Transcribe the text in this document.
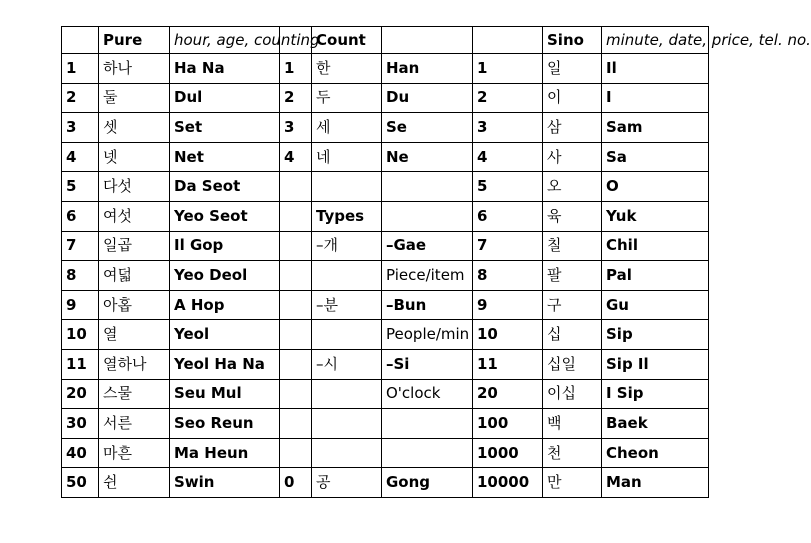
	Pure	hour, age, counting		Count			Sino	minute, date, price, tel. no.
1	하나	Ha Na	1	한	Han	1	일	Il
2	둘	Dul	2	두	Du	2	이	I
3	셋	Set	3	세	Se	3	삼	Sam
4	넷	Net	4	네	Ne	4	사	Sa
5	다섯	Da Seot				5	오	O
6	여섯	Yeo Seot		Types		6	육	Yuk
7	일곱	Il Gop		–개	–Gae	7	칠	Chil
8	여덟	Yeo Deol			Piece/item	8	팔	Pal
9	아홉	A Hop		–분	–Bun	9	구	Gu
10	열	Yeol			People/min	10	십	Sip
11	열하나	Yeol Ha Na		–시	–Si	11	십일	Sip Il
20	스물	Seu Mul			O'clock	20	이십	I Sip
30	서른	Seo Reun				100	백	Baek
40	마흔	Ma Heun				1000	천	Cheon
50	쉰	Swin	0	공	Gong	10000	만	Man
